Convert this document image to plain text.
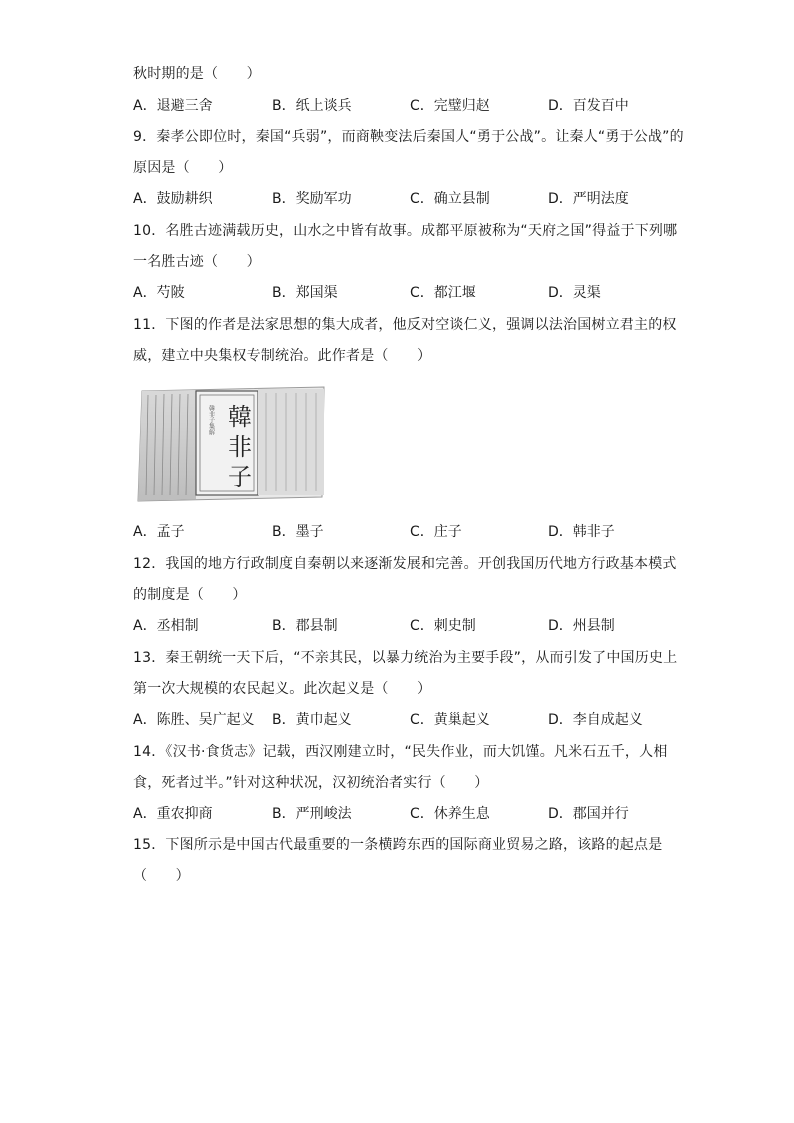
秋时期的是（　　）
A．退避三舍	B．纸上谈兵	C．完璧归赵	D．百发百中
9．秦孝公即位时，秦国“兵弱”，而商鞅变法后秦国人“勇于公战”。让秦人“勇于公战”的
原因是（　　）
A．鼓励耕织	B．奖励军功	C．确立县制	D．严明法度
10．名胜古迹满载历史，山水之中皆有故事。成都平原被称为“天府之国”得益于下列哪
一名胜古迹（　　）
A．芍陂	B．郑国渠	C．都江堰	D．灵渠
11．下图的作者是法家思想的集大成者，他反对空谈仁义，强调以法治国树立君主的权
威，建立中央集权专制统治。此作者是（　　）
韓
非
子
韓非子集解
A．孟子	B．墨子	C．庄子	D．韩非子
12．我国的地方行政制度自秦朝以来逐渐发展和完善。开创我国历代地方行政基本模式
的制度是（　　）
A．丞相制	B．郡县制	C．刺史制	D．州县制
13．秦王朝统一天下后，“不亲其民，以暴力统治为主要手段”，从而引发了中国历史上
第一次大规模的农民起义。此次起义是（　　）
A．陈胜、吴广起义 B．黄巾起义	C．黄巢起义	D．李自成起义
14．《汉书·食货志》记载，西汉刚建立时，“民失作业，而大饥馑。凡米石五千，人相
食，死者过半。”针对这种状况，汉初统治者实行（　　）
A．重农抑商	B．严刑峻法	C．休养生息	D．郡国并行
15．下图所示是中国古代最重要的一条横跨东西的国际商业贸易之路，该路的起点是
（　　）
